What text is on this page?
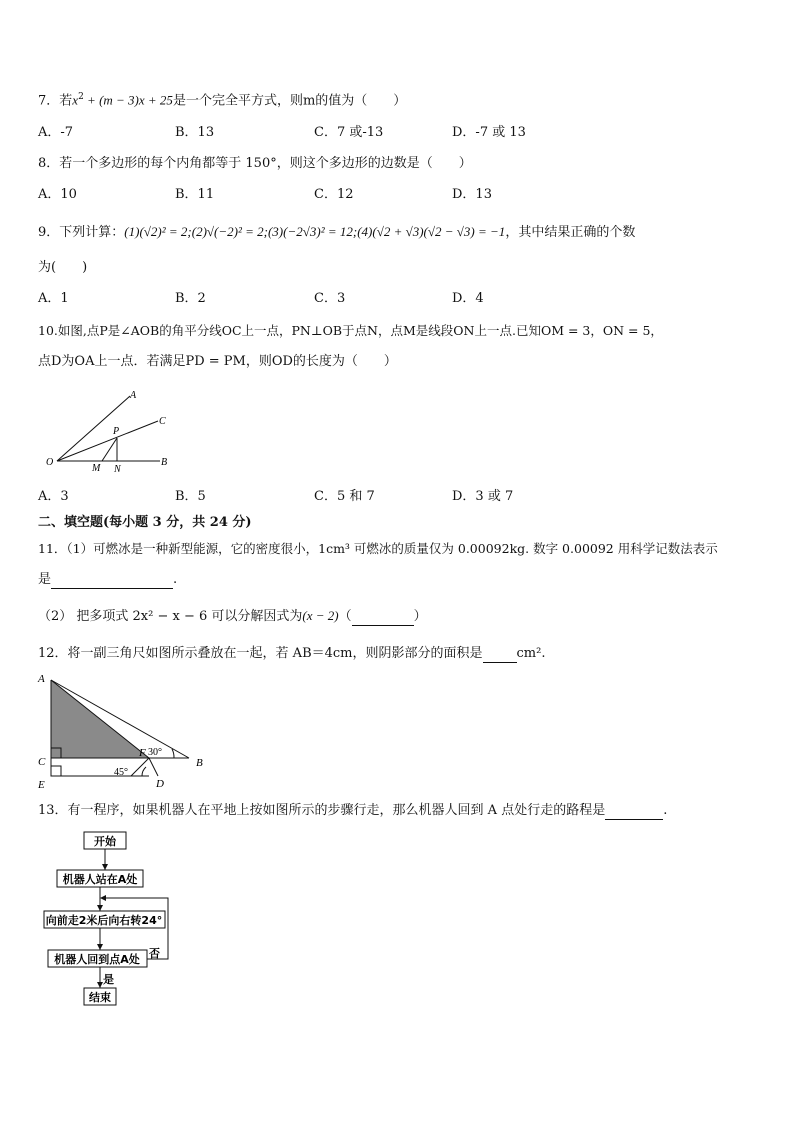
7．若$x^2 + (m - 3)x + 25$是一个完全平方式，则m的值为（　　）
A．-7	B．13	C．7 或-13	D．-7 或 13
8．若一个多边形的每个内角都等于 150°，则这个多边形的边数是（　　）
A．10	B．11	C．12	D．13
9．下列计算：(1)(√2)² = 2;(2)√(−2)² = 2;(3)(−2√3)² = 12;(4)(√2 + √3)(√2 − √3) = −1，其中结果正确的个数
为(　　)
A．1	B．2	C．3	D．4
10.如图,点P是∠AOB的角平分线OC上一点，PN⊥OB于点N，点M是线段ON上一点.已知OM = 3，ON = 5，
点D为OA上一点．若满足PD = PM，则OD的长度为（　　）
A
C
P
O
M N
B
A．3	B．5	C．5 和 7	D．3 或 7
二、填空题(每小题 3 分，共 24 分)
11．（1）可燃冰是一种新型能源，它的密度很小，1cm³ 可燃冰的质量仅为 0.00092kg. 数字 0.00092 用科学记数法表示
是	.
（2） 把多项式 2x² − x − 6 可以分解因式为(x − 2)（	）
12．将一副三角尺如图所示叠放在一起，若 AB＝4cm，则阴影部分的面积是	cm².
A
C
E
F 30°
B
45°
D
13．有一程序，如果机器人在平地上按如图所示的步骤行走，那么机器人回到 A 点处行走的路程是	.
开始
机器人站在A处
向前走2米后向右转24°
机器人回到点A处 否
是
结束
